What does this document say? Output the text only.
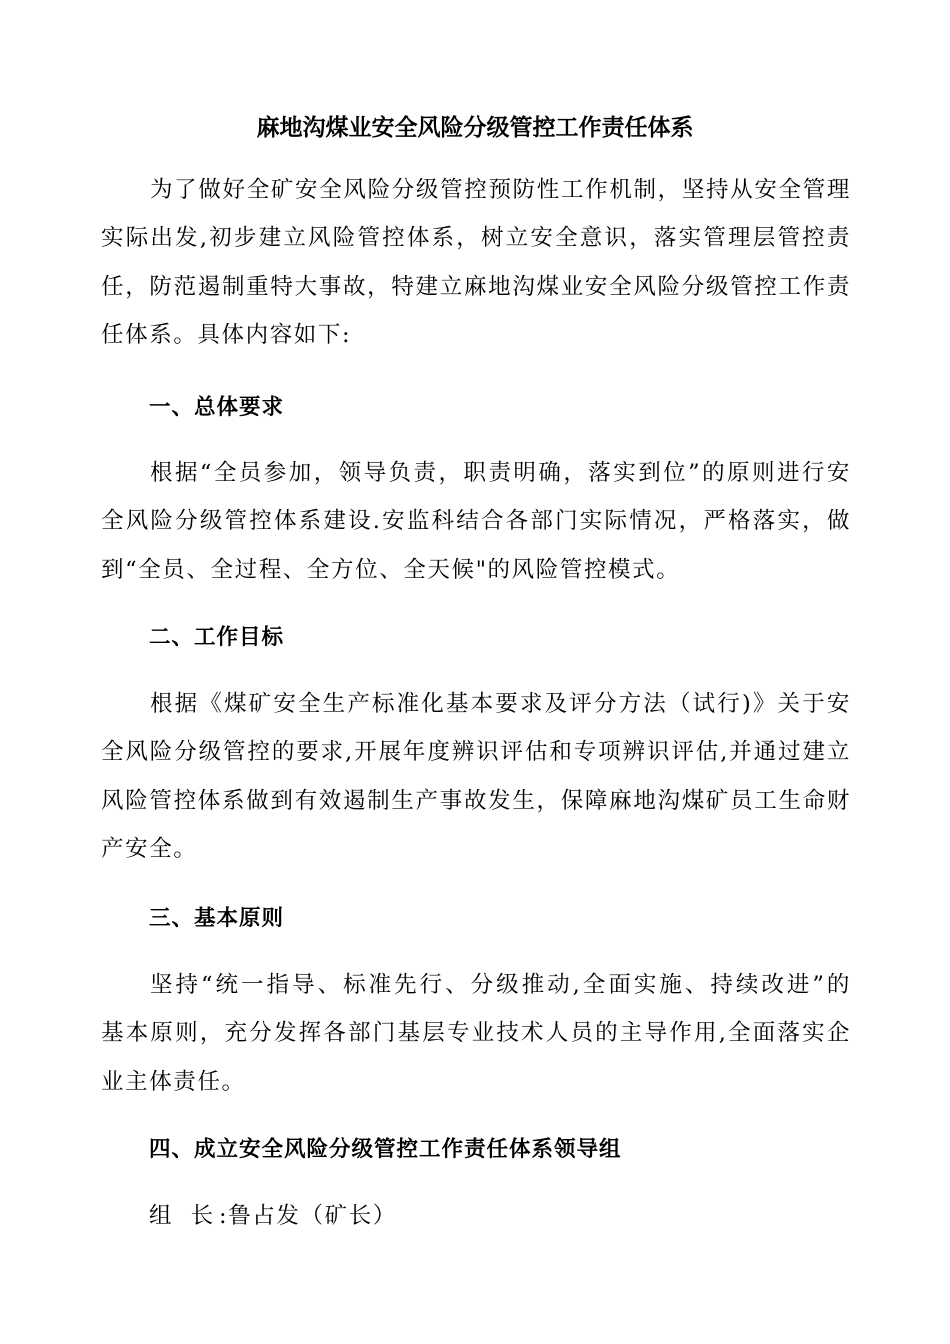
麻地沟煤业安全风险分级管控工作责任体系
为了做好全矿安全风险分级管控预防性工作机制，坚持从安全管理
实际出发,初步建立风险管控体系，树立安全意识，落实管理层管控责
任，防范遏制重特大事故，特建立麻地沟煤业安全风险分级管控工作责
任体系。具体内容如下:
一、总体要求
根据“全员参加，领导负责，职责明确，落实到位”的原则进行安
全风险分级管控体系建设.安监科结合各部门实际情况，严格落实，做
到“全员、全过程、全方位、全天候"的风险管控模式。
二、工作目标
根据《煤矿安全生产标准化基本要求及评分方法（试行)》关于安
全风险分级管控的要求,开展年度辨识评估和专项辨识评估,并通过建立
风险管控体系做到有效遏制生产事故发生，保障麻地沟煤矿员工生命财
产安全。
三、基本原则
坚持“统一指导、标准先行、分级推动,全面实施、持续改进”的
基本原则，充分发挥各部门基层专业技术人员的主导作用,全面落实企
业主体责任。
四、成立安全风险分级管控工作责任体系领导组

组  长 :鲁占发（矿长）
